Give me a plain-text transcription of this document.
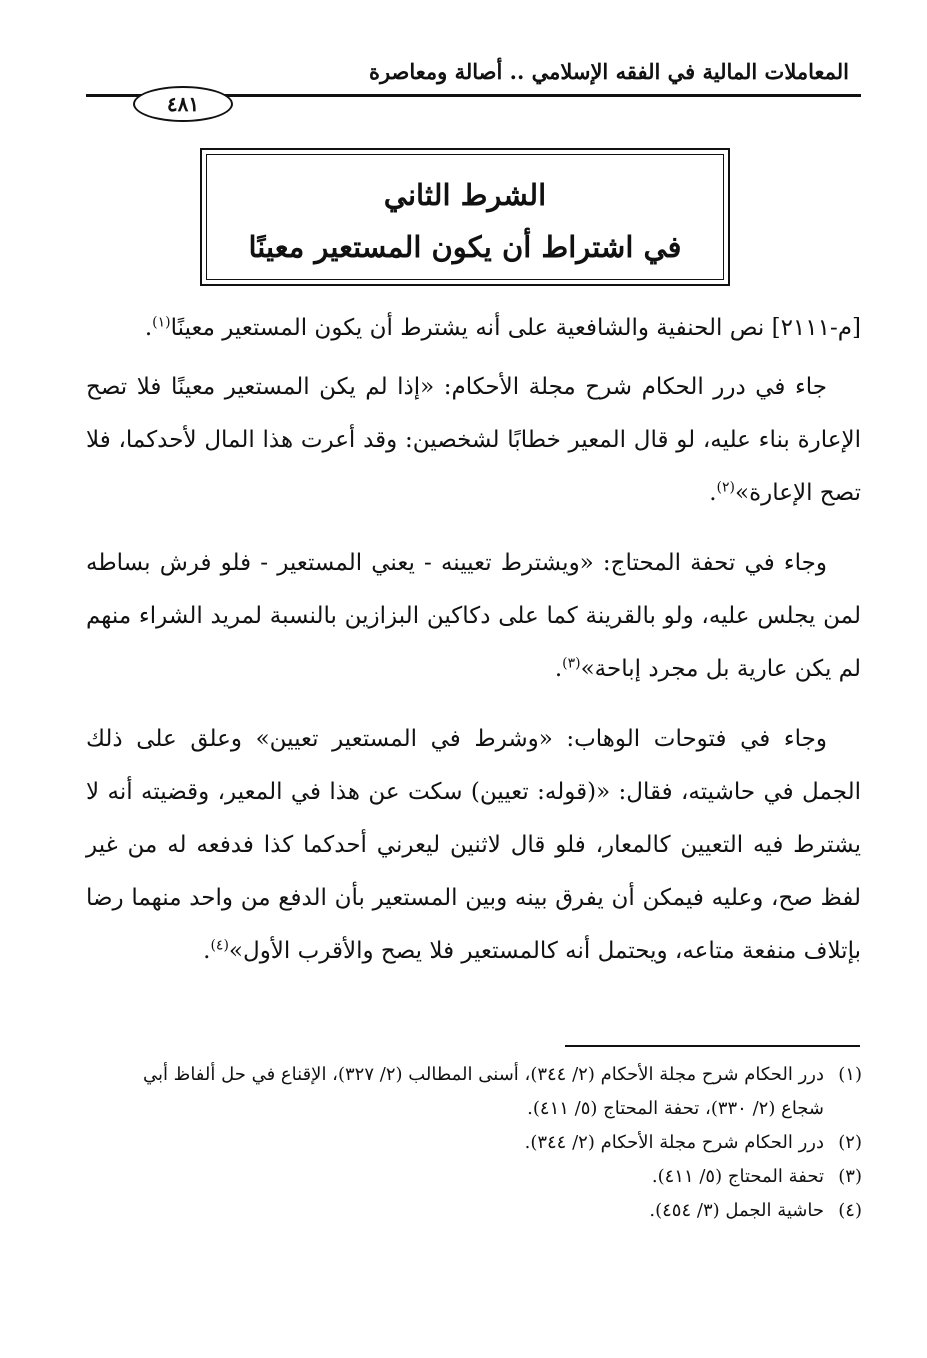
المعاملات المالية في الفقه الإسلامي .. أصالة ومعاصرة
٤٨١
الشرط الثاني
في اشتراط أن يكون المستعير معينًا

[م-٢١١١] نص الحنفية والشافعية على أنه يشترط أن يكون المستعير معينًا$^{(١)}$.

جاء في درر الحكام شرح مجلة الأحكام: «إذا لم يكن المستعير معينًا فلا تصح الإعارة بناء عليه، لو قال المعير خطابًا لشخصين: وقد أعرت هذا المال لأحدكما، فلا تصح الإعارة»$^{(٢)}$.

وجاء في تحفة المحتاج: «ويشترط تعيينه - يعني المستعير - فلو فرش بساطه لمن يجلس عليه، ولو بالقرينة كما على دكاكين البزازين بالنسبة لمريد الشراء منهم لم يكن عارية بل مجرد إباحة»$^{(٣)}$.

وجاء في فتوحات الوهاب: «وشرط في المستعير تعيين» وعلق على ذلك الجمل في حاشيته، فقال: «(قوله: تعيين) سكت عن هذا في المعير، وقضيته أنه لا يشترط فيه التعيين كالمعار، فلو قال لاثنين ليعرني أحدكما كذا فدفعه له من غير لفظ صح، وعليه فيمكن أن يفرق بينه وبين المستعير بأن الدفع من واحد منهما رضا بإتلاف منفعة متاعه، ويحتمل أنه كالمستعير فلا يصح والأقرب الأول»$^{(٤)}$.

(١)
درر الحكام شرح مجلة الأحكام (٢/ ٣٤٤)، أسنى المطالب (٢/ ٣٢٧)، الإقناع في حل ألفاظ أبي شجاع (٢/ ٣٣٠)، تحفة المحتاج (٥/ ٤١١).
(٢)
درر الحكام شرح مجلة الأحكام (٢/ ٣٤٤).
(٣)
تحفة المحتاج (٥/ ٤١١).
(٤)
حاشية الجمل (٣/ ٤٥٤).
